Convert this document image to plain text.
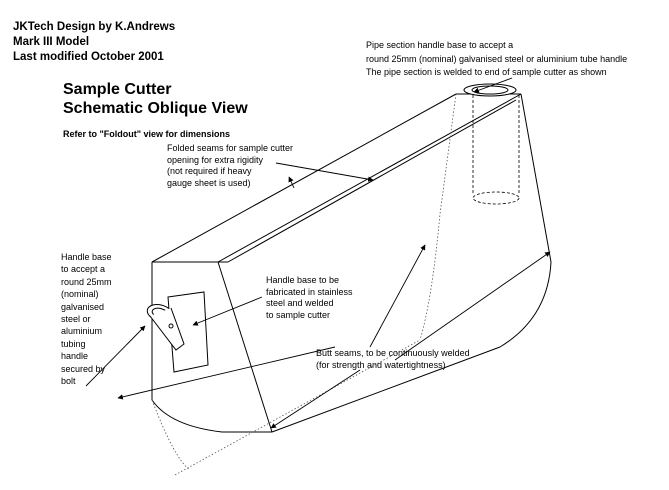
JKTech Design by K.Andrews
Mark III Model
Last modified October 2001
Sample Cutter
Schematic Oblique View
Refer to "Foldout" view for dimensions
Pipe section handle base to accept a
round 25mm (nominal) galvanised steel or aluminium tube handle
The pipe section is welded to end of sample cutter as shown
Folded seams for sample cutter
opening for extra rigidity
(not required if heavy
gauge sheet is used)
Handle base
to accept a
round 25mm
(nominal)
galvanised
steel or
aluminium
tubing
handle
secured by
bolt
Handle base to be
fabricated in stainless
steel and welded
to sample cutter
Butt seams, to be continuously welded
(for strength and watertightness)
